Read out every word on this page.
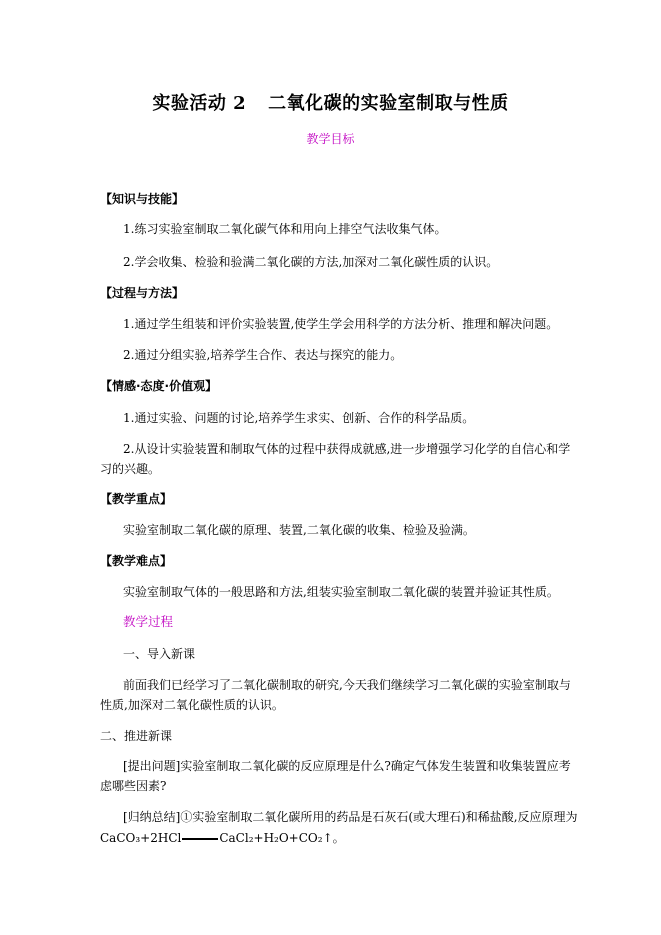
实验活动 2 二氧化碳的实验室制取与性质
教学目标
【知识与技能】
1.练习实验室制取二氧化碳气体和用向上排空气法收集气体。
2.学会收集、检验和验满二氧化碳的方法,加深对二氧化碳性质的认识。
【过程与方法】
1.通过学生组装和评价实验装置,使学生学会用科学的方法分析、推理和解决问题。
2.通过分组实验,培养学生合作、表达与探究的能力。
【情感·态度·价值观】
1.通过实验、问题的讨论,培养学生求实、创新、合作的科学品质。
2.从设计实验装置和制取气体的过程中获得成就感,进一步增强学习化学的自信心和学
习的兴趣。
【教学重点】
实验室制取二氧化碳的原理、装置,二氧化碳的收集、检验及验满。
【教学难点】
实验室制取气体的一般思路和方法,组装实验室制取二氧化碳的装置并验证其性质。
教学过程
一、导入新课
前面我们已经学习了二氧化碳制取的研究,今天我们继续学习二氧化碳的实验室制取与
性质,加深对二氧化碳性质的认识。
二、推进新课
[提出问题]实验室制取二氧化碳的反应原理是什么?确定气体发生装置和收集装置应考
虑哪些因素?
[归纳总结]①实验室制取二氧化碳所用的药品是石灰石(或大理石)和稀盐酸,反应原理为
CaCO₃+2HCl	CaCl₂+H₂O+CO₂↑。
